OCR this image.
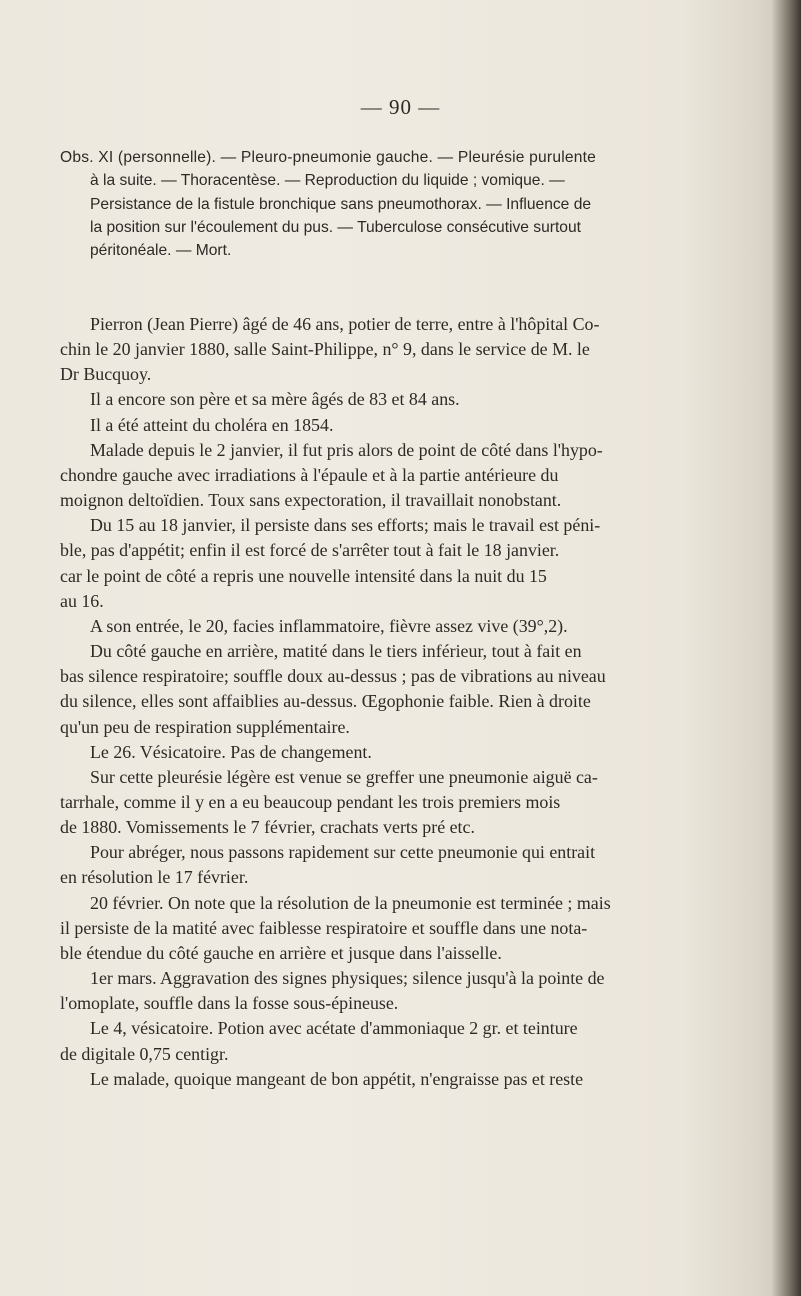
— 90 —
Obs. XI (personnelle). — Pleuro-pneumonie gauche. — Pleurésie purulente
à la suite. — Thoracentèse. — Reproduction du liquide ; vomique. —
Persistance de la fistule bronchique sans pneumothorax. — Influence de
la position sur l'écoulement du pus. — Tuberculose consécutive surtout
péritonéale. — Mort.
Pierron (Jean Pierre) âgé de 46 ans, potier de terre, entre à l'hôpital Co-
chin le 20 janvier 1880, salle Saint-Philippe, n° 9, dans le service de M. le
Dr Bucquoy.
Il a encore son père et sa mère âgés de 83 et 84 ans.
Il a été atteint du choléra en 1854.
Malade depuis le 2 janvier, il fut pris alors de point de côté dans l'hypo-
chondre gauche avec irradiations à l'épaule et à la partie antérieure du
moignon deltoïdien. Toux sans expectoration, il travaillait nonobstant.
Du 15 au 18 janvier, il persiste dans ses efforts; mais le travail est péni-
ble, pas d'appétit; enfin il est forcé de s'arrêter tout à fait le 18 janvier.
car le point de côté a repris une nouvelle intensité dans la nuit du 15
au 16.
A son entrée, le 20, facies inflammatoire, fièvre assez vive (39°,2).
Du côté gauche en arrière, matité dans le tiers inférieur, tout à fait en
bas silence respiratoire; souffle doux au-dessus ; pas de vibrations au niveau
du silence, elles sont affaiblies au-dessus. Œgophonie faible. Rien à droite
qu'un peu de respiration supplémentaire.
Le 26. Vésicatoire. Pas de changement.
Sur cette pleurésie légère est venue se greffer une pneumonie aiguë ca-
tarrhale, comme il y en a eu beaucoup pendant les trois premiers mois
de 1880. Vomissements le 7 février, crachats verts pré etc.
Pour abréger, nous passons rapidement sur cette pneumonie qui entrait
en résolution le 17 février.
20 février. On note que la résolution de la pneumonie est terminée ; mais
il persiste de la matité avec faiblesse respiratoire et souffle dans une nota-
ble étendue du côté gauche en arrière et jusque dans l'aisselle.
1er mars. Aggravation des signes physiques; silence jusqu'à la pointe de
l'omoplate, souffle dans la fosse sous-épineuse.
Le 4, vésicatoire. Potion avec acétate d'ammoniaque 2 gr. et teinture
de digitale 0,75 centigr.
Le malade, quoique mangeant de bon appétit, n'engraisse pas et reste
